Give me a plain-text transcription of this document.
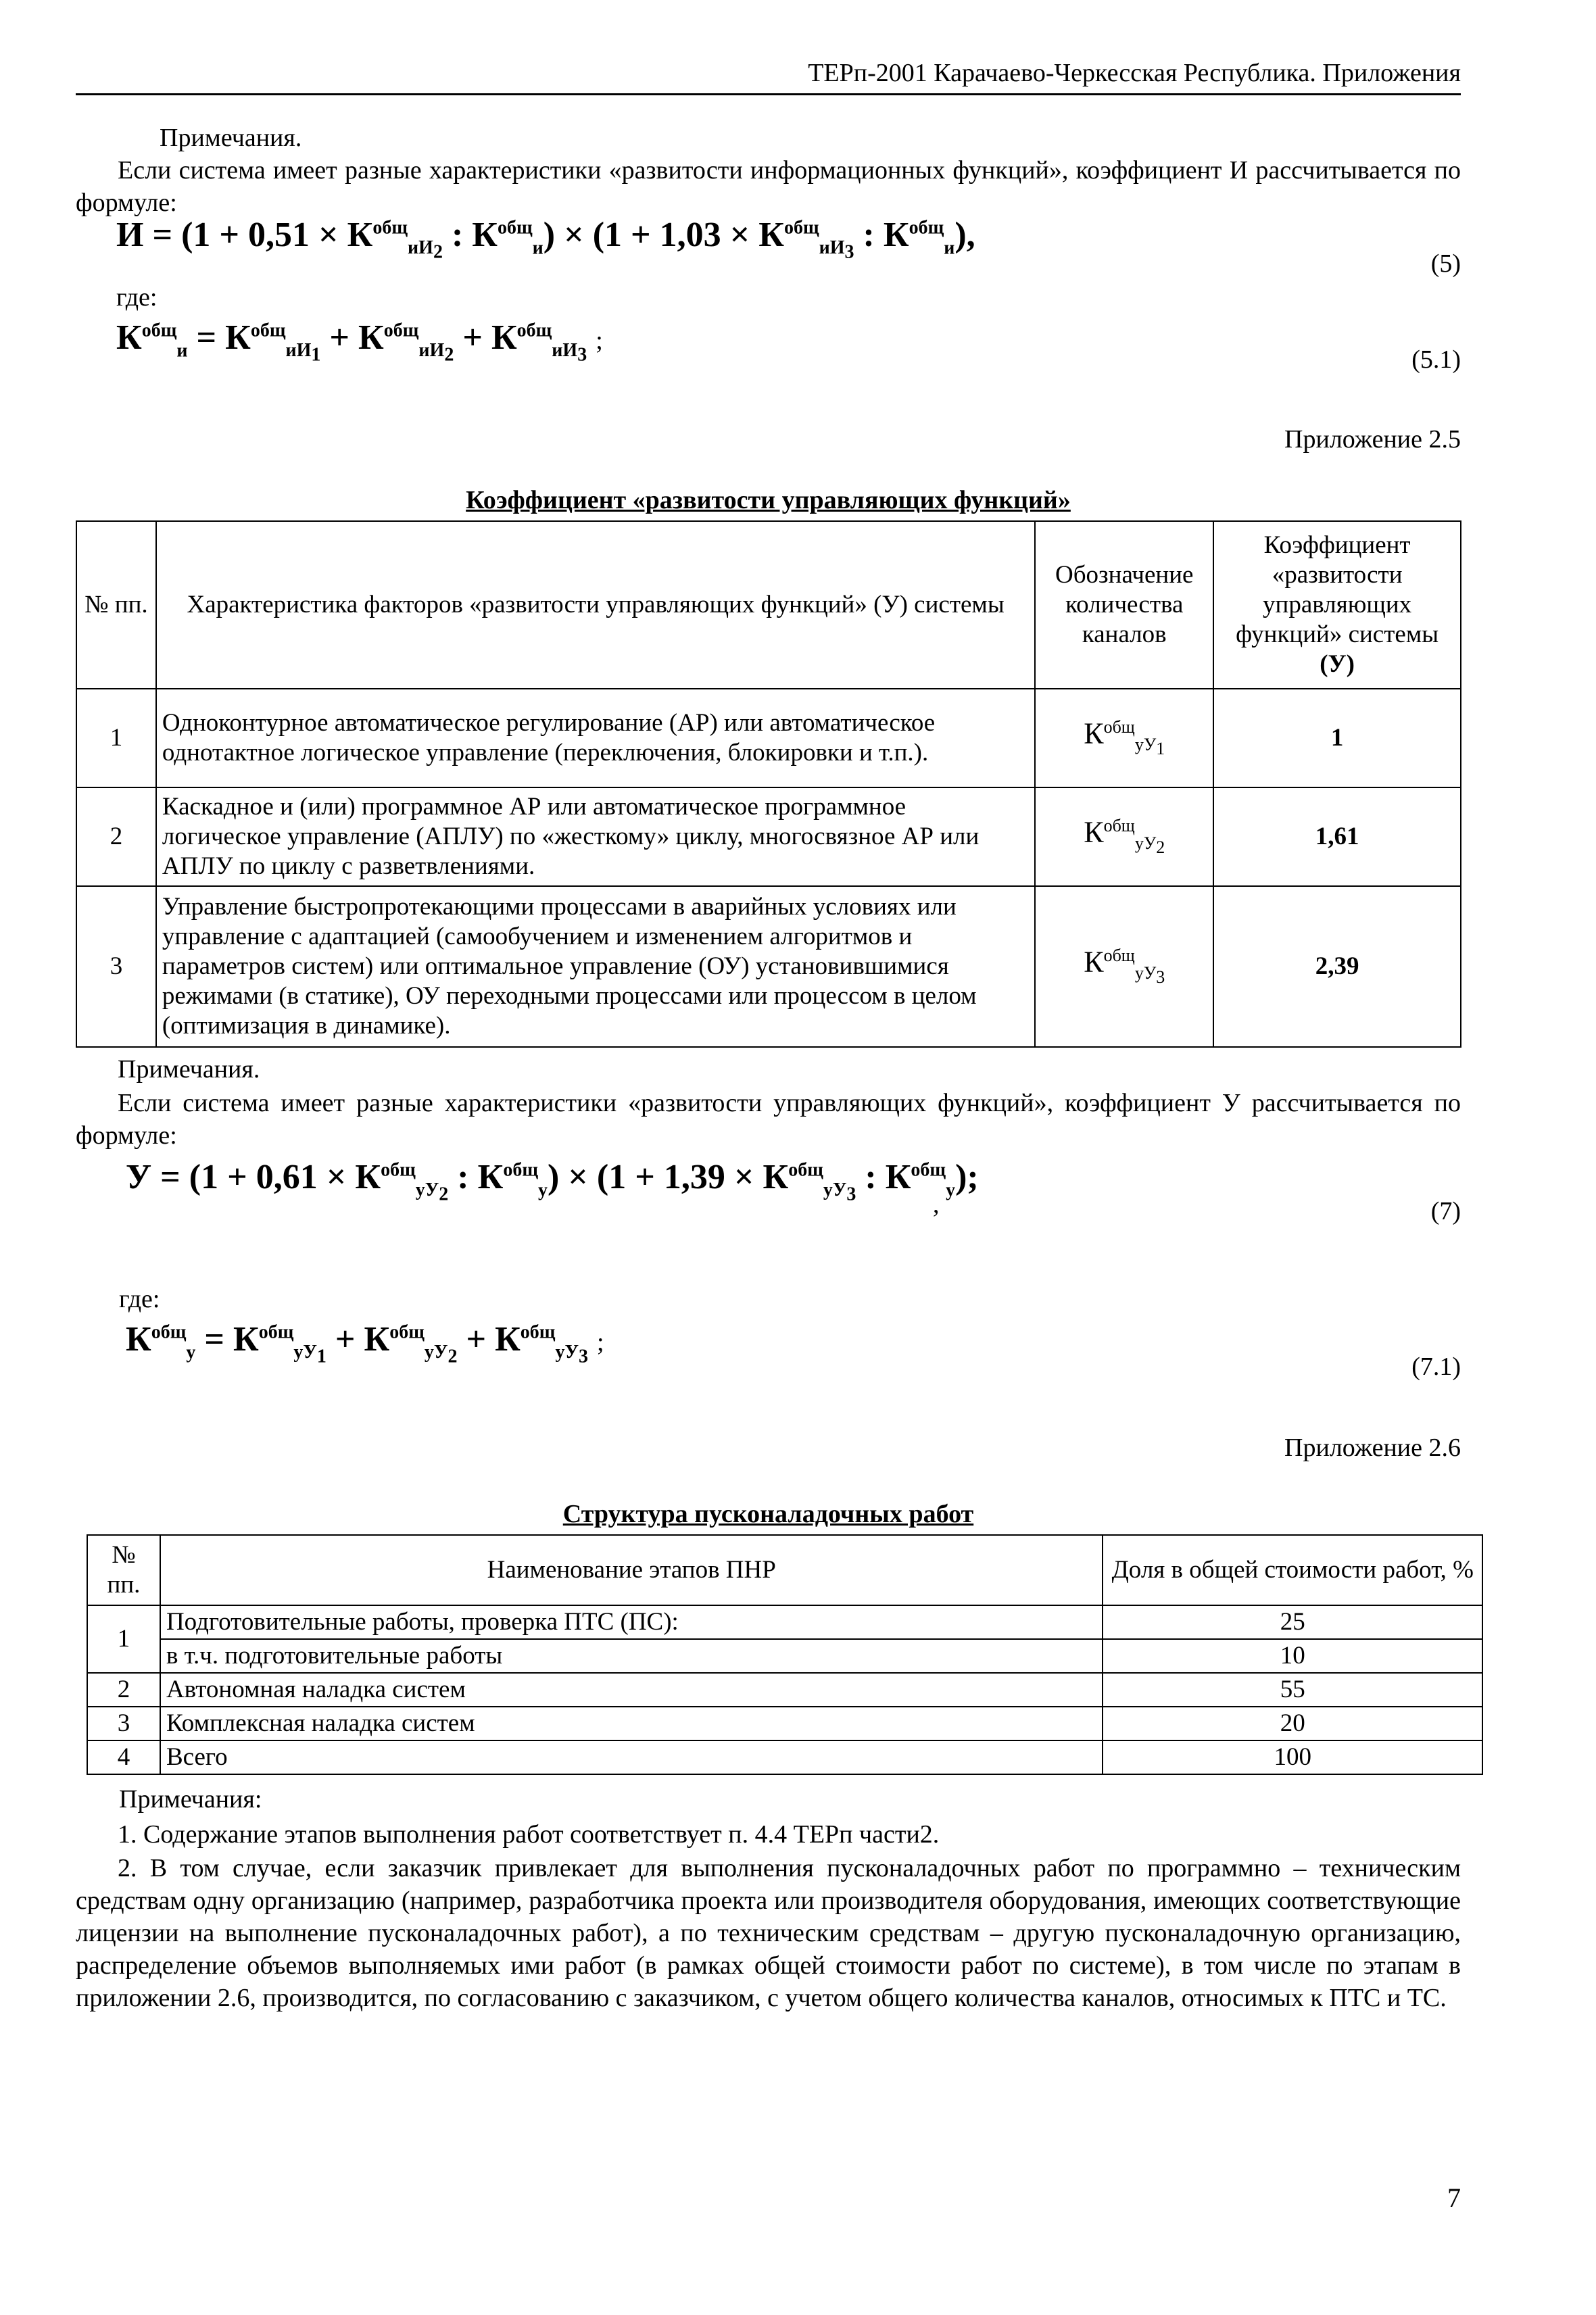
ТЕРп-2001 Карачаево-Черкесская Республика. Приложения
Примечания.
Если система имеет разные характеристики «развитости информационных функций», коэффициент И рассчитывается по формуле:
$И = (1 + 0,51 \times К^{общ}_{иИ_2}$ : $К^{общ}_и) \times (1 + 1,03 \times К^{общ}_{иИ_3}$ : $К^{общ}_и$),
(5)
где:
$К^{общ}_и = К^{общ}_{иИ_1} + К^{общ}_{иИ_2} + К^{общ}_{иИ_3}$ ;
(5.1)
Приложение 2.5
Коэффициент «развитости управляющих функций»
№ пп.	Характеристика факторов «развитости управляющих функций» (У) системы	Обозначение количества каналов	Коэффициент «развитости управляющих функций» системы
(У)
1	Одноконтурное автоматическое регулирование (АР) или автоматическое однотактное логическое управление (переключения, блокировки и т.п.).	$К^{общ}_{уУ_1}$	1
2	Каскадное и (или) программное АР или автоматическое программное логическое управление (АПЛУ) по «жесткому» циклу, многосвязное АР или АПЛУ по циклу с разветвлениями.	$К^{общ}_{уУ_2}$	1,61
3	Управление быстропротекающими процессами в аварийных условиях или управление с адаптацией (самообучением и изменением алгоритмов и параметров систем) или оптимальное управление (ОУ) установившимися режимами (в статике), ОУ переходными процессами или процессом в целом (оптимизация в динамике).	$К^{общ}_{уУ_3}$	2,39
Примечания.
Если система имеет разные характеристики «развитости управляющих функций», коэффициент У рассчитывается по формуле:
$У = (1 + 0,61 \times К^{общ}_{уУ_2}$ : $К^{общ}_у) \times (1 + 1,39 \times К^{общ}_{уУ_3}$ : $К^{общ}_у$);
,	(7)
где:
$К^{общ}_у = К^{общ}_{уУ_1} + К^{общ}_{уУ_2} + К^{общ}_{уУ_3}$ ;
(7.1)
Приложение 2.6
Структура пусконаладочных работ
№ пп.	Наименование этапов ПНР	Доля в общей стоимости работ, %
1	Подготовительные работы, проверка ПТС (ПС):	25
	в т.ч. подготовительные работы	10
2	Автономная наладка систем	55
3	Комплексная наладка систем	20
4	Всего	100
Примечания:
1. Содержание этапов выполнения работ соответствует п. 4.4 ТЕРп части2.
2. В том случае, если заказчик привлекает для выполнения пусконаладочных работ по программно – техническим средствам одну организацию (например, разработчика проекта или производителя оборудования, имеющих соответствующие лицензии на выполнение пусконаладочных работ), а по техническим средствам – другую пусконаладочную организацию, распределение объемов выполняемых ими работ (в рамках общей стоимости работ по системе), в том числе по этапам в приложении 2.6, производится, по согласованию с заказчиком, с учетом общего количества каналов, относимых к ПТС и ТС.
7
